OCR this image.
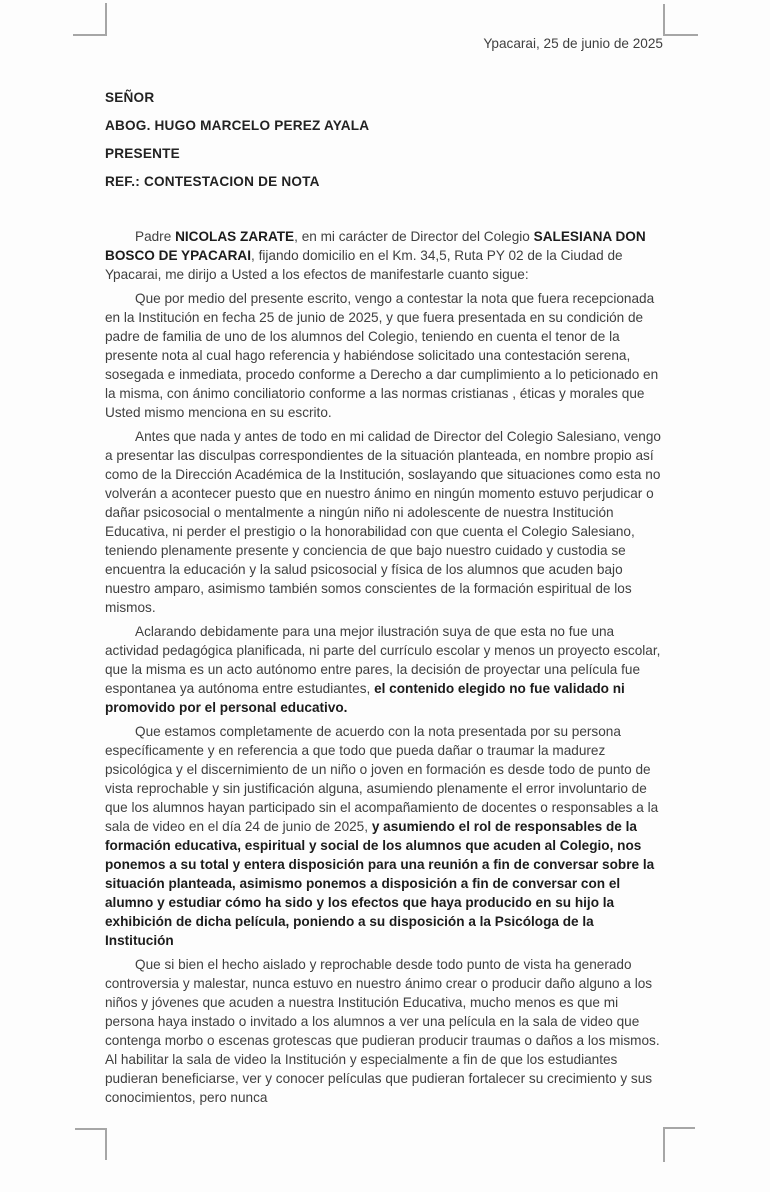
Ypacarai, 25 de junio de 2025

SEÑOR

ABOG. HUGO MARCELO PEREZ AYALA

PRESENTE

REF.: CONTESTACION DE NOTA

Padre NICOLAS ZARATE, en mi carácter de Director del Colegio SALESIANA DON BOSCO DE YPACARAI, fijando domicilio en el Km. 34,5, Ruta PY 02 de la Ciudad de Ypacarai, me dirijo a Usted a los efectos de manifestarle cuanto sigue:

Que por medio del presente escrito, vengo a contestar la nota que fuera recepcionada en la Institución en fecha 25 de junio de 2025, y que fuera presentada en su condición de padre de familia de uno de los alumnos del Colegio, teniendo en cuenta el tenor de la presente nota al cual hago referencia y habiéndose solicitado una contestación serena, sosegada e inmediata, procedo conforme a Derecho a dar cumplimiento a lo peticionado en la misma, con ánimo conciliatorio conforme a las normas cristianas , éticas y morales que Usted mismo menciona en su escrito.

Antes que nada y antes de todo en mi calidad de Director del Colegio Salesiano, vengo a presentar las disculpas correspondientes de la situación planteada, en nombre propio así como de la Dirección Académica de la Institución, soslayando que situaciones como esta no volverán a acontecer puesto que en nuestro ánimo en ningún momento estuvo perjudicar o dañar psicosocial o mentalmente a ningún niño ni adolescente de nuestra Institución Educativa, ni perder el prestigio o la honorabilidad con que cuenta el Colegio Salesiano, teniendo plenamente presente y conciencia de que bajo nuestro cuidado y custodia se encuentra la educación y la salud psicosocial y física de los alumnos que acuden bajo nuestro amparo, asimismo también somos conscientes de la formación espiritual de los mismos.

Aclarando debidamente para una mejor ilustración suya de que esta no fue una actividad pedagógica planificada, ni parte del currículo escolar y menos un proyecto escolar, que la misma es un acto autónomo entre pares, la decisión de proyectar una película fue espontanea ya autónoma entre estudiantes, el contenido elegido no fue validado ni promovido por el personal educativo.

Que estamos completamente de acuerdo con la nota presentada por su persona específicamente y en referencia a que todo que pueda dañar o traumar la madurez psicológica y el discernimiento de un niño o joven en formación es desde todo de punto de vista reprochable y sin justificación alguna, asumiendo plenamente el error involuntario de que los alumnos hayan participado sin el acompañamiento de docentes o responsables a la sala de video en el día 24 de junio de 2025, y asumiendo el rol de responsables de la formación educativa, espiritual y social de los alumnos que acuden al Colegio, nos ponemos a su total y entera disposición para una reunión a fin de conversar sobre la situación planteada, asimismo ponemos a disposición a fin de conversar con el alumno y estudiar cómo ha sido y los efectos que haya producido en su hijo la exhibición de dicha película, poniendo a su disposición a la Psicóloga de la Institución

Que si bien el hecho aislado y reprochable desde todo punto de vista ha generado controversia y malestar, nunca estuvo en nuestro ánimo crear o producir daño alguno a los niños y jóvenes que acuden a nuestra Institución Educativa, mucho menos es que mi persona haya instado o invitado a los alumnos a ver una película en la sala de video que contenga morbo o escenas grotescas que pudieran producir traumas o daños a los mismos. Al habilitar la sala de video la Institución y especialmente a fin de que los estudiantes pudieran beneficiarse, ver y conocer películas que pudieran fortalecer su crecimiento y sus conocimientos, pero nunca
